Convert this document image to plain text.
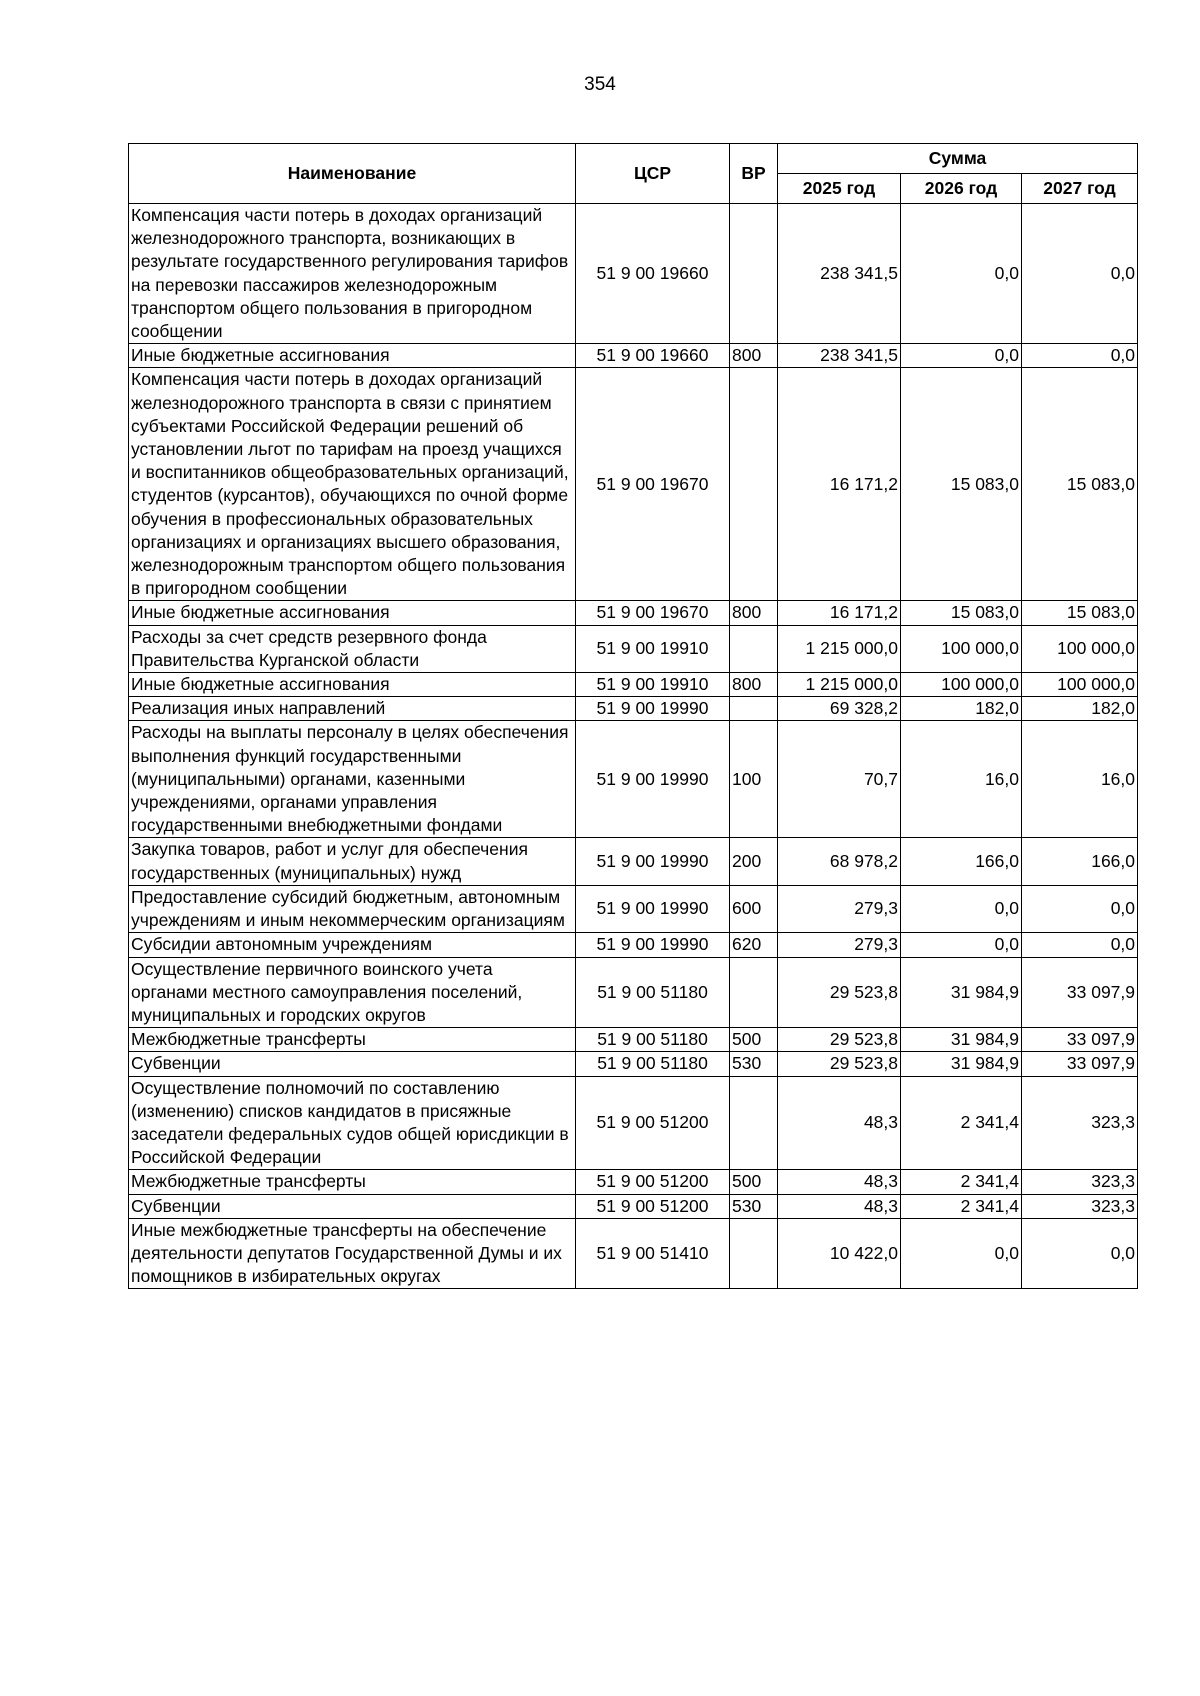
354
Наименование	ЦСР	ВР	Сумма		
			2025 год	2026 год	2027 год
Компенсация части потерь в доходах организаций железнодорожного транспорта, возникающих в результате государственного регулирования тарифов на перевозки пассажиров железнодорожным транспортом общего пользования в пригородном сообщении	51 9 00 19660		238 341,5	0,0	0,0
Иные бюджетные ассигнования	51 9 00 19660	800	238 341,5	0,0	0,0
Компенсация части потерь в доходах организаций железнодорожного транспорта в связи с принятием субъектами Российской Федерации решений об установлении льгот по тарифам на проезд учащихся и воспитанников общеобразовательных организаций, студентов (курсантов), обучающихся по очной форме обучения в профессиональных образовательных организациях и организациях высшего образования, железнодорожным транспортом общего пользования в пригородном сообщении	51 9 00 19670		16 171,2	15 083,0	15 083,0
Иные бюджетные ассигнования	51 9 00 19670	800	16 171,2	15 083,0	15 083,0
Расходы за счет средств резервного фонда Правительства Курганской области	51 9 00 19910		1 215 000,0	100 000,0	100 000,0
Иные бюджетные ассигнования	51 9 00 19910	800	1 215 000,0	100 000,0	100 000,0
Реализация иных направлений	51 9 00 19990		69 328,2	182,0	182,0
Расходы на выплаты персоналу в целях обеспечения выполнения функций государственными (муниципальными) органами, казенными учреждениями, органами управления государственными внебюджетными фондами	51 9 00 19990	100	70,7	16,0	16,0
Закупка товаров, работ и услуг для обеспечения государственных (муниципальных) нужд	51 9 00 19990	200	68 978,2	166,0	166,0
Предоставление субсидий бюджетным, автономным учреждениям и иным некоммерческим организациям	51 9 00 19990	600	279,3	0,0	0,0
Субсидии автономным учреждениям	51 9 00 19990	620	279,3	0,0	0,0
Осуществление первичного воинского учета органами местного самоуправления поселений, муниципальных и городских округов	51 9 00 51180		29 523,8	31 984,9	33 097,9
Межбюджетные трансферты	51 9 00 51180	500	29 523,8	31 984,9	33 097,9
Субвенции	51 9 00 51180	530	29 523,8	31 984,9	33 097,9
Осуществление полномочий по составлению (изменению) списков кандидатов в присяжные заседатели федеральных судов общей юрисдикции в Российской Федерации	51 9 00 51200		48,3	2 341,4	323,3
Межбюджетные трансферты	51 9 00 51200	500	48,3	2 341,4	323,3
Субвенции	51 9 00 51200	530	48,3	2 341,4	323,3
Иные межбюджетные трансферты на обеспечение деятельности депутатов Государственной Думы и их помощников в избирательных округах	51 9 00 51410		10 422,0	0,0	0,0
